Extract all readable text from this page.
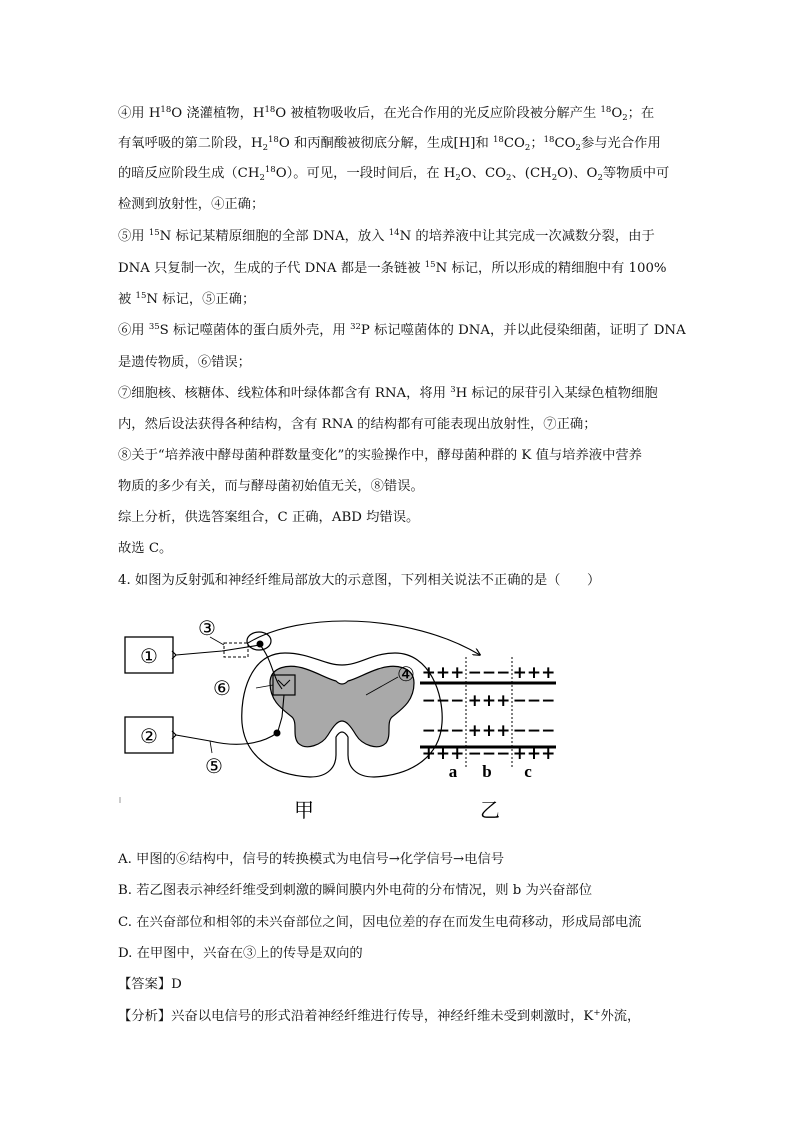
④用 $H^{18}O$ 浇灌植物，$H^{18}O$ 被植物吸收后，在光合作用的光反应阶段被分解产生 $^{18}O_2$；在
有氧呼吸的第二阶段，$H_2^{18}O$ 和丙酮酸被彻底分解，生成[H]和 $^{18}CO_2$；$^{18}CO_2$参与光合作用
的暗反应阶段生成$(CH_2^{18}O)$。可见，一段时间后，在 $H_2O$、$CO_2$、$(CH_2O)$、$O_2$等物质中可
检测到放射性，④正确；
⑤用 $^{15}$N 标记某精原细胞的全部 DNA，放入 $^{14}$N 的培养液中让其完成一次减数分裂，由于
DNA 只复制一次，生成的子代 DNA 都是一条链被 $^{15}$N 标记，所以形成的精细胞中有 100%
被 $^{15}$N 标记，⑤正确；
⑥用 $^{35}$S 标记噬菌体的蛋白质外壳，用 $^{32}$P 标记噬菌体的 DNA，并以此侵染细菌，证明了 DNA
是遗传物质，⑥错误；
⑦细胞核、核糖体、线粒体和叶绿体都含有 RNA，将用 $^3$H 标记的尿苷引入某绿色植物细胞
内，然后设法获得各种结构，含有 RNA 的结构都有可能表现出放射性，⑦正确；
⑧关于“培养液中酵母菌种群数量变化”的实验操作中，酵母菌种群的 K 值与培养液中营养
物质的多少有关，而与酵母菌初始值无关，⑧错误。
综上分析，供选答案组合，C 正确，ABD 均错误。
故选 C。
4. 如图为反射弧和神经纤维局部放大的示意图，下列相关说法不正确的是（　　）
①
②
③
⑥
⑤
④ +++ −−− +++
−−− +++ −−−
−−− +++ −−−
+++ −−− +++
a b c
甲	乙
A. 甲图的⑥结构中，信号的转换模式为电信号→化学信号→电信号
B. 若乙图表示神经纤维受到刺激的瞬间膜内外电荷的分布情况，则 b 为兴奋部位
C. 在兴奋部位和相邻的未兴奋部位之间，因电位差的存在而发生电荷移动，形成局部电流
D. 在甲图中，兴奋在③上的传导是双向的
【答案】D
【分析】兴奋以电信号的形式沿着神经纤维进行传导，神经纤维未受到刺激时，K+外流，
